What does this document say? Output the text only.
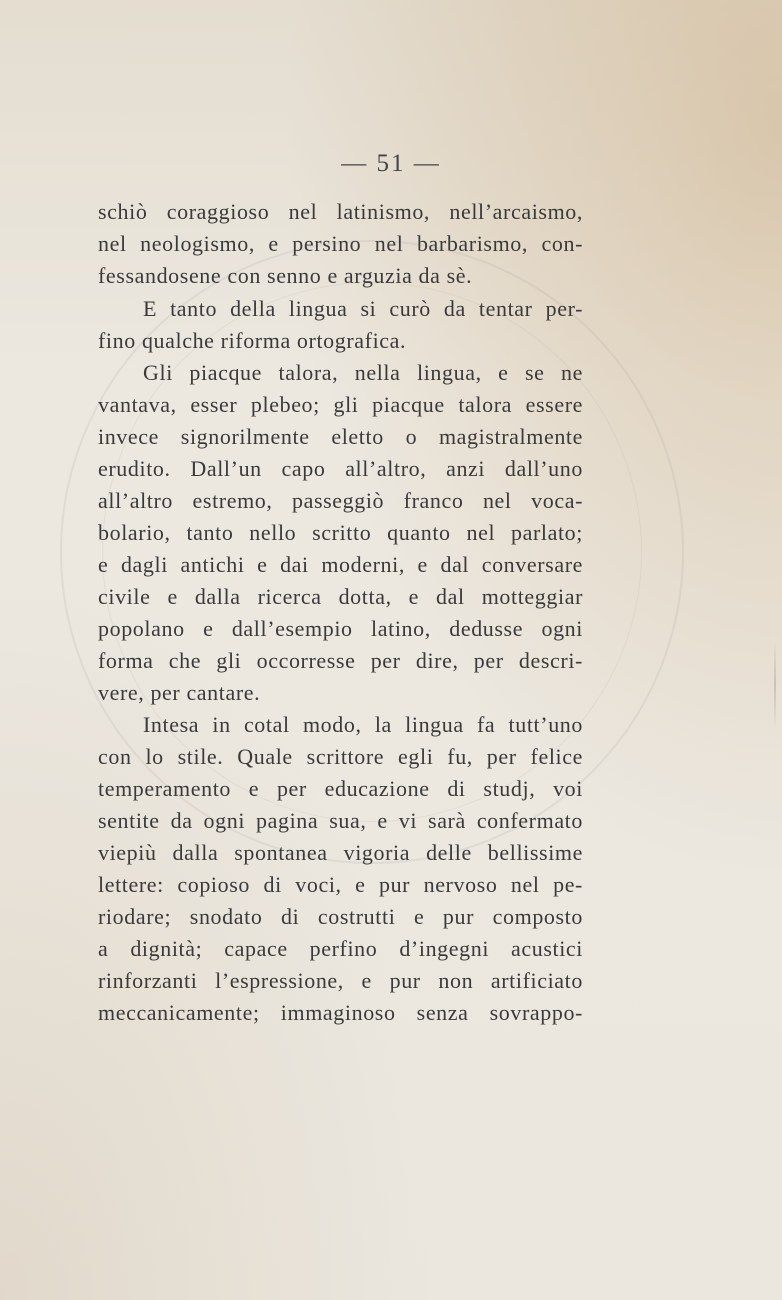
— 51 —
schiò coraggioso nel latinismo, nell’arcaismo,
nel neologismo, e persino nel barbarismo, con-
fessandosene con senno e arguzia da sè.
E tanto della lingua si curò da tentar per-
fino qualche riforma ortografica.
Gli piacque talora, nella lingua, e se ne
vantava, esser plebeo; gli piacque talora essere
invece signorilmente eletto o magistralmente
erudito. Dall’un capo all’altro, anzi dall’uno
all’altro estremo, passeggiò franco nel voca-
bolario, tanto nello scritto quanto nel parlato;
e dagli antichi e dai moderni, e dal conversare
civile e dalla ricerca dotta, e dal motteggiar
popolano e dall’esempio latino, dedusse ogni
forma che gli occorresse per dire, per descri-
vere, per cantare.
Intesa in cotal modo, la lingua fa tutt’uno
con lo stile. Quale scrittore egli fu, per felice
temperamento e per educazione di studj, voi
sentite da ogni pagina sua, e vi sarà confermato
viepiù dalla spontanea vigoria delle bellissime
lettere: copioso di voci, e pur nervoso nel pe-
riodare; snodato di costrutti e pur composto
a dignità; capace perfino d’ingegni acustici
rinforzanti l’espressione, e pur non artificiato
meccanicamente; immaginoso senza sovrappo-
